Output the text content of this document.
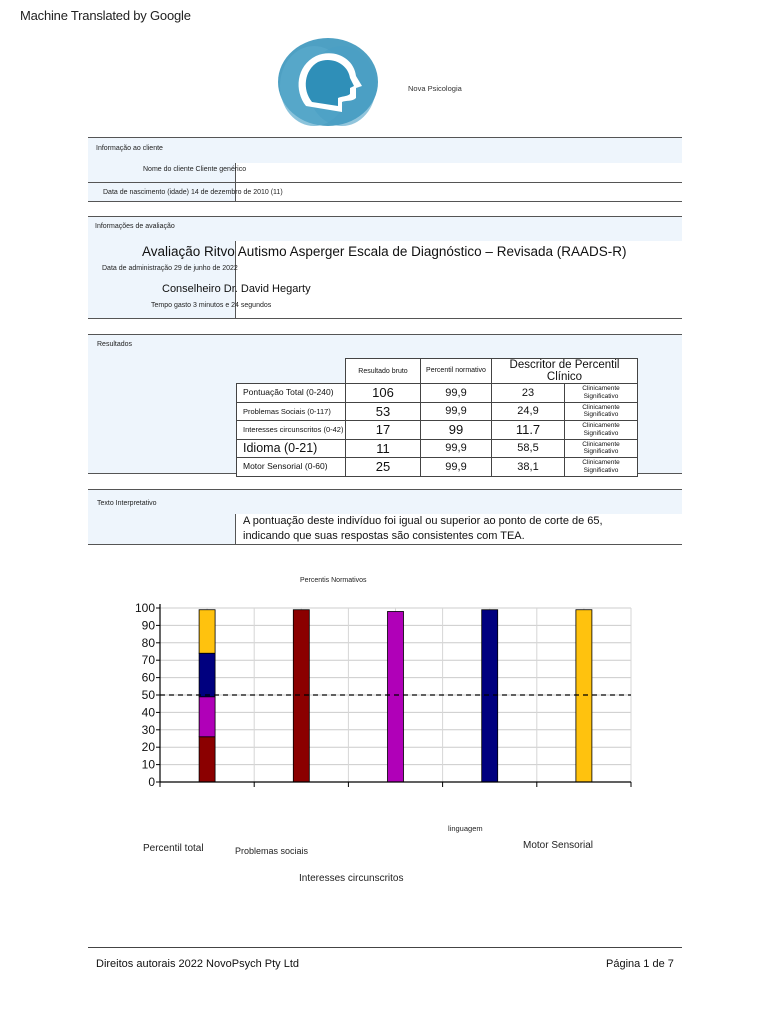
Machine Translated by Google
Nova Psicologia
Informação ao cliente
Nome do cliente Cliente genérico
Data de nascimento (idade) 14 de dezembro de 2010 (11)
Informações de avaliação
Avaliação Ritvo Autismo Asperger Escala de Diagnóstico – Revisada (RAADS-R)
Data de administração 29 de junho de 2022
Conselheiro Dr. David Hegarty
Tempo gasto 3 minutos e 24 segundos
Resultados
	Resultado bruto	Percentil normativo	Descritor de Percentil Clínico	
Pontuação Total (0-240)	106	99,9	23	Clinicamente Significativo
Problemas Sociais (0-117)	53	99,9	24,9	Clinicamente Significativo
Interesses circunscritos (0-42)	17	99	11.7	Clinicamente Significativo
Idioma (0-21)	11	99,9	58,5	Clinicamente Significativo
Motor Sensorial (0-60)	25	99,9	38,1	Clinicamente Significativo
Texto Interpretativo
A pontuação deste indivíduo foi igual ou superior ao ponto de corte de 65,
indicando que suas respostas são consistentes com TEA.
Percentis Normativos
0
10
20
30
40
50
60
70
80
90
100
Percentil total	Problemas sociais
Interesses circunscritos
linguagem
Motor Sensorial
Direitos autorais 2022 NovoPsych Pty Ltd	Página 1 de 7
